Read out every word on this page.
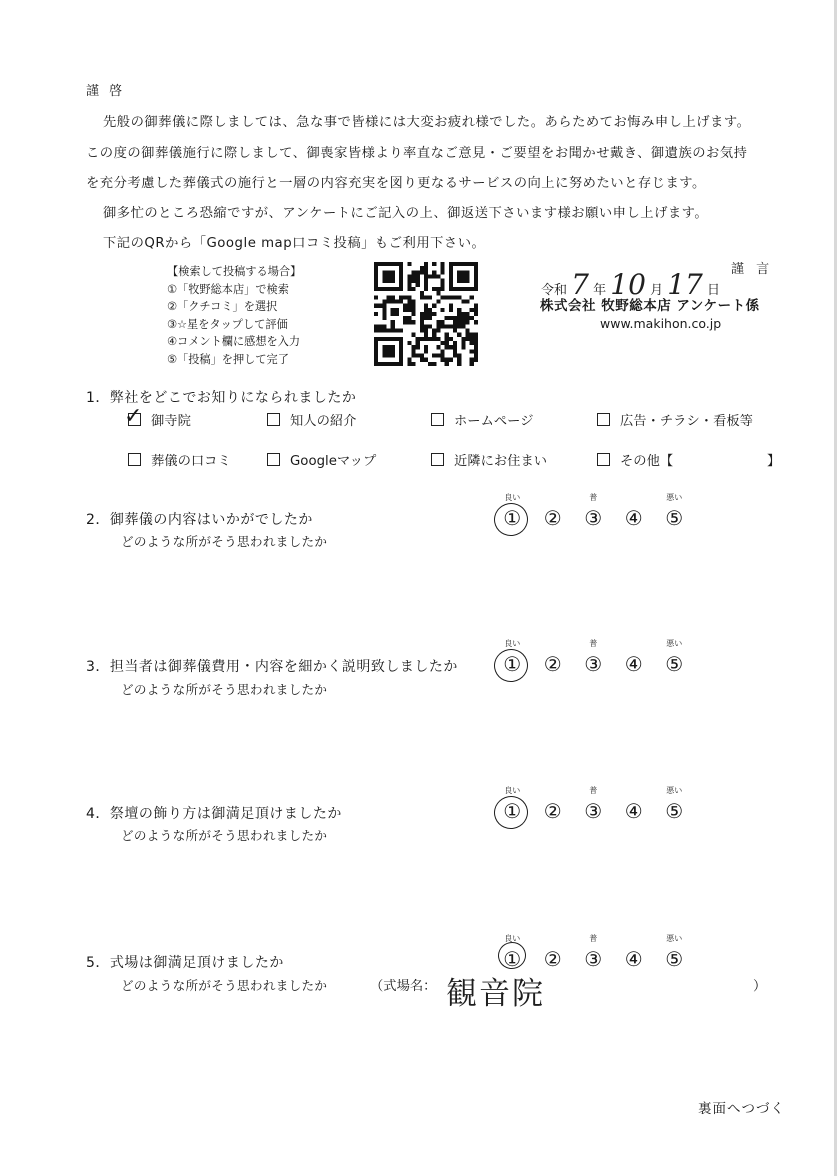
謹 啓
先般の御葬儀に際しましては、急な事で皆様には大変お疲れ様でした。あらためてお悔み申し上げます。
この度の御葬儀施行に際しまして、御喪家皆様より率直なご意見・ご要望をお聞かせ戴き、御遺族のお気持
を充分考慮した葬儀式の施行と一層の内容充実を図り更なるサービスの向上に努めたいと存じます。
御多忙のところ恐縮ですが、アンケートにご記入の上、御返送下さいます様お願い申し上げます。
下記のQRから「Google map口コミ投稿」もご利用下さい。
【検索して投稿する場合】
①「牧野総本店」で検索
②「クチコミ」を選択
③☆星をタップして評価
④コメント欄に感想を入力
⑤「投稿」を押して完了
令和 7 年 10 月 17 日
謹 言
株式会社 牧野総本店 アンケート係
www.makihon.co.jp
1．弊社をどこでお知りになられましたか
✓ 御寺院	知人の紹介	ホームページ	広告・チラシ・看板等
葬儀の口コミ	Googleマップ	近隣にお住まい	その他【	】
2．御葬儀の内容はいかがでしたか
どのような所がそう思われましたか
良い
①	②
普
③	④
悪い
⑤
3．担当者は御葬儀費用・内容を細かく説明致しましたか
どのような所がそう思われましたか
良い
①	②
普
③	④
悪い
⑤
4．祭壇の飾り方は御満足頂けましたか
どのような所がそう思われましたか
良い
①	②
普
③	④
悪い
⑤
5．式場は御満足頂けましたか
どのような所がそう思われましたか
良い
①	②
普
③	④
悪い
⑤
（式場名： 観音院	）
裏面へつづく
